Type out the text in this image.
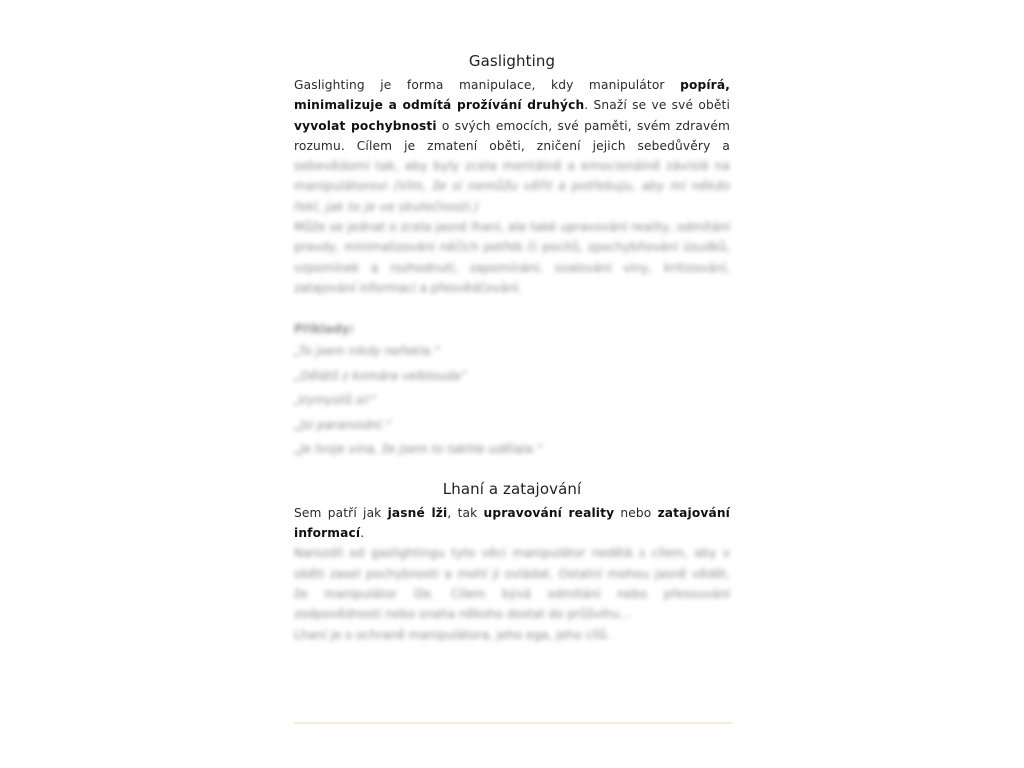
Gaslighting

Gaslighting je forma manipulace, kdy manipulátor popírá, minimalizuje a odmítá prožívání druhých. Snaží se ve své oběti vyvolat pochybnosti o svých emocích, své paměti, svém zdravém rozumu. Cílem je zmatení oběti, zničení jejich sebedůvěry a sebevědomí tak, aby byly zcela mentálně a emocionálně závislé na manipulátorovi (Vím, že si nemůžu věřit a potřebuju, aby mi někdo řekl, jak to je ve skutečnosti.)

Může se jednat o zcela jasné lhaní, ale také upravování reality, odmítání pravdy, minimalizování něčích potřeb či pocitů, zpochybňování úsudků, vzpomínek a rozhodnutí, zapomínání, svalování viny, kritizování, zatajování informací a přesvědčování.

Příklady:

„To jsem nikdy neřekla.“

„Dělátš z komára velbloudaˮ

„Vymyslíš si!“

„Jsi paranoidní.“

„Je tvoje vina, že jsem to takhle udělala.“

Lhaní a zatajování

Sem patří jak jasné lži, tak upravování reality nebo zatajování informací.

Narozdíl od gaslightingu tyto věci manipulátor nedělá s cílem, aby v oběti zasel pochybnosti a mohl ji ovládat. Ostatní mohou jasně vědět, že manipulátor lže. Cílem bývá odmítání nebo přesouvání zodpovědnosti nebo snaha někoho dostat do průšvihu…

Lhaní je o ochraně manipulátora, jeho ega, jeho cílů.
